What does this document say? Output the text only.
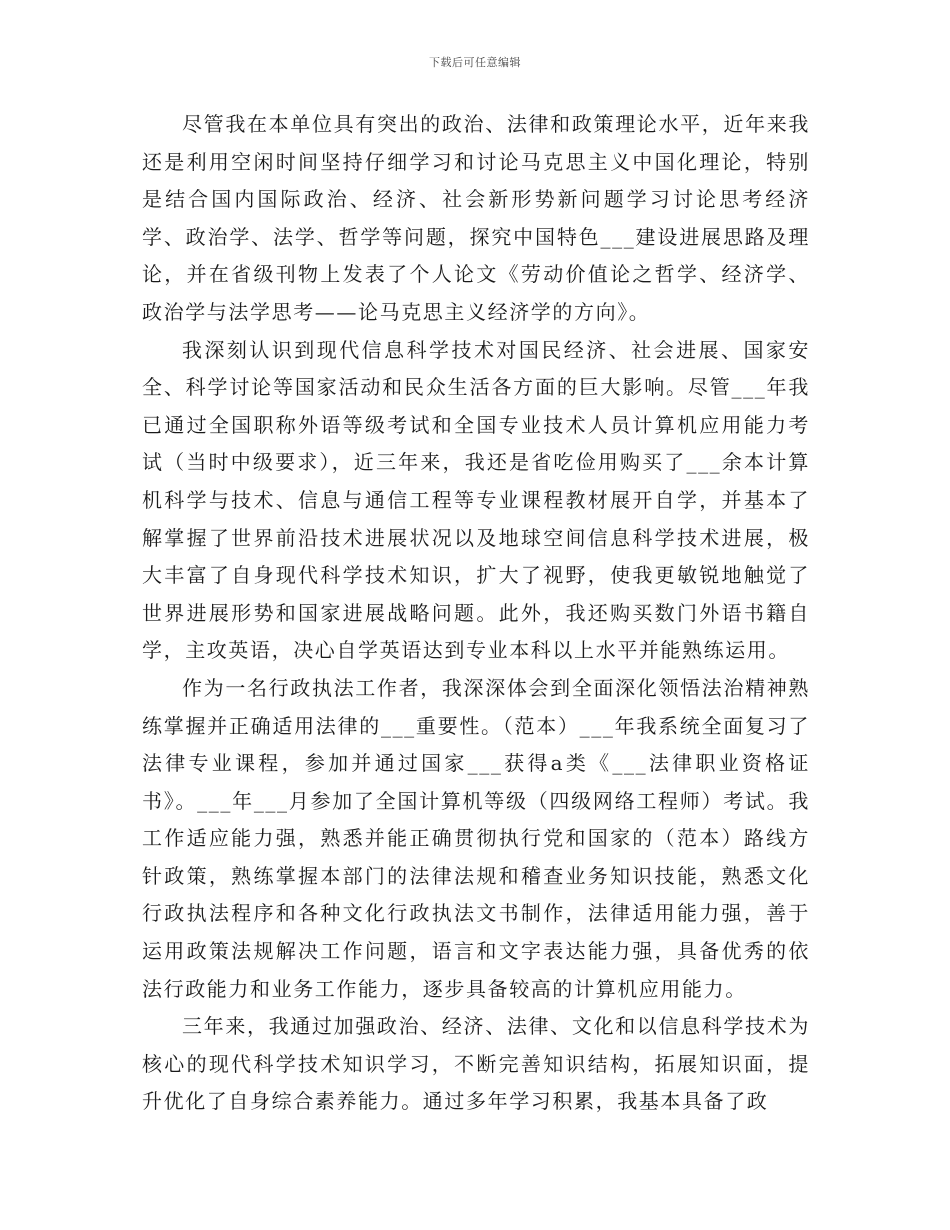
下载后可任意编辑

尽管我在本单位具有突出的政治、法律和政策理论水平，近年来我还是利用空闲时间坚持仔细学习和讨论马克思主义中国化理论，特别是结合国内国际政治、经济、社会新形势新问题学习讨论思考经济学、政治学、法学、哲学等问题，探究中国特色___建设进展思路及理论，并在省级刊物上发表了个人论文《劳动价值论之哲学、经济学、政治学与法学思考——论马克思主义经济学的方向》。

我深刻认识到现代信息科学技术对国民经济、社会进展、国家安全、科学讨论等国家活动和民众生活各方面的巨大影响。尽管___年我已通过全国职称外语等级考试和全国专业技术人员计算机应用能力考试（当时中级要求），近三年来，我还是省吃俭用购买了___余本计算机科学与技术、信息与通信工程等专业课程教材展开自学，并基本了解掌握了世界前沿技术进展状况以及地球空间信息科学技术进展，极大丰富了自身现代科学技术知识，扩大了视野，使我更敏锐地触觉了世界进展形势和国家进展战略问题。此外，我还购买数门外语书籍自学，主攻英语，决心自学英语达到专业本科以上水平并能熟练运用。

作为一名行政执法工作者，我深深体会到全面深化领悟法治精神熟练掌握并正确适用法律的___重要性。（范本）___年我系统全面复习了法律专业课程，参加并通过国家___获得a类《___法律职业资格证书》。___年___月参加了全国计算机等级（四级网络工程师）考试。我工作适应能力强，熟悉并能正确贯彻执行党和国家的（范本）路线方针政策，熟练掌握本部门的法律法规和稽查业务知识技能，熟悉文化行政执法程序和各种文化行政执法文书制作，法律适用能力强，善于运用政策法规解决工作问题，语言和文字表达能力强，具备优秀的依法行政能力和业务工作能力，逐步具备较高的计算机应用能力。

三年来，我通过加强政治、经济、法律、文化和以信息科学技术为核心的现代科学技术知识学习，不断完善知识结构，拓展知识面，提升优化了自身综合素养能力。通过多年学习积累，我基本具备了政
